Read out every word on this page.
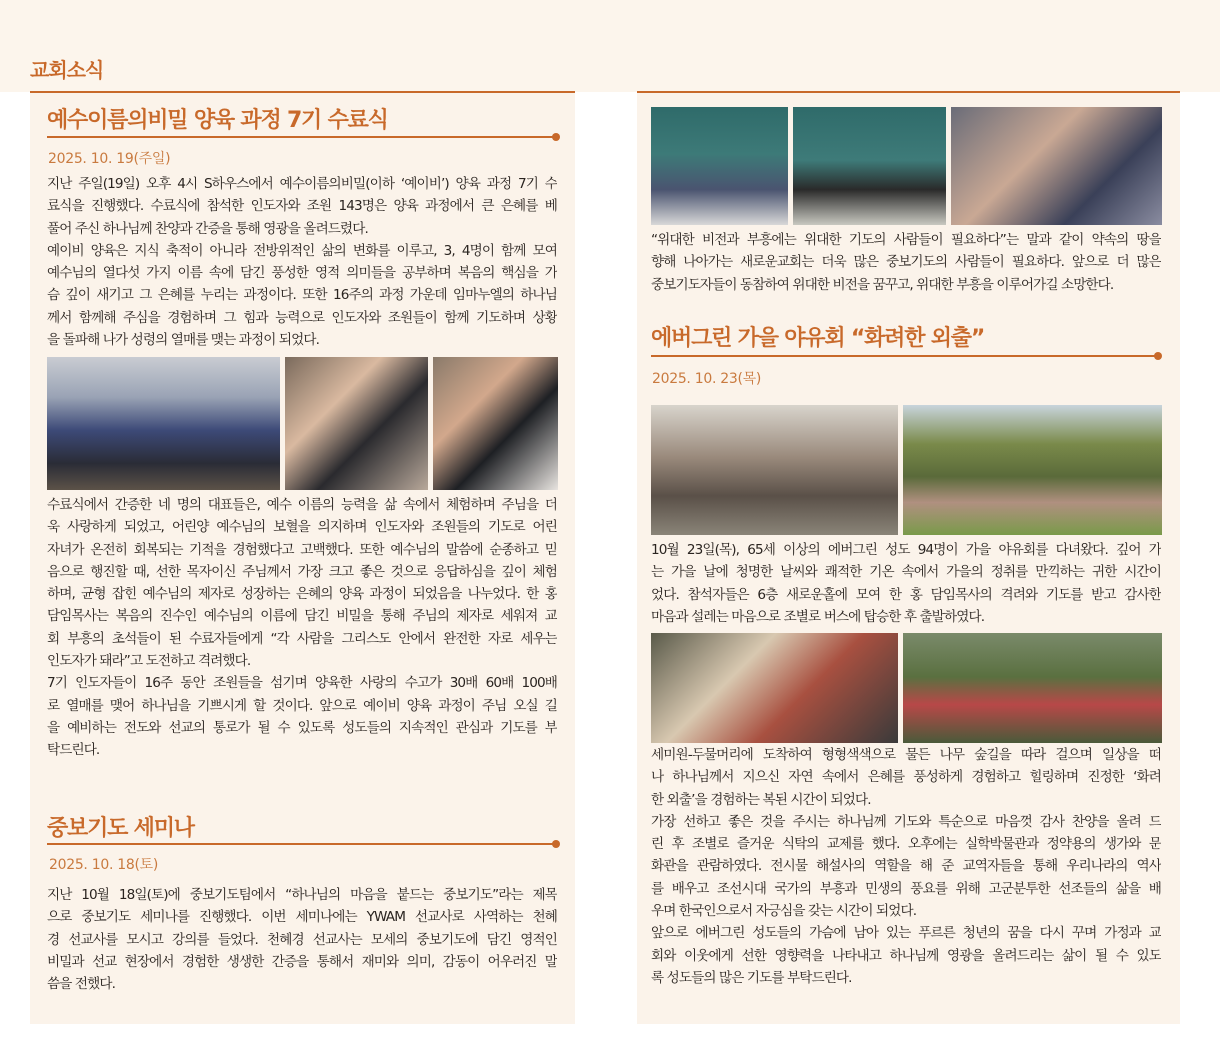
교회소식
예수이름의비밀 양육 과정 7기 수료식
2025. 10. 19(주일)
지난 주일(19일) 오후 4시 S하우스에서 예수이름의비밀(이하 ‘예이비’) 양육 과정 7기 수
료식을 진행했다. 수료식에 참석한 인도자와 조원 143명은 양육 과정에서 큰 은혜를 베
풀어 주신 하나님께 찬양과 간증을 통해 영광을 올려드렸다.
예이비 양육은 지식 축적이 아니라 전방위적인 삶의 변화를 이루고, 3, 4명이 함께 모여
예수님의 열다섯 가지 이름 속에 담긴 풍성한 영적 의미들을 공부하며 복음의 핵심을 가
슴 깊이 새기고 그 은혜를 누리는 과정이다. 또한 16주의 과정 가운데 임마누엘의 하나님
께서 함께해 주심을 경험하며 그 힘과 능력으로 인도자와 조원들이 함께 기도하며 상황
을 돌파해 나가 성령의 열매를 맺는 과정이 되었다.
수료식에서 간증한 네 명의 대표들은, 예수 이름의 능력을 삶 속에서 체험하며 주님을 더
욱 사랑하게 되었고, 어린양 예수님의 보혈을 의지하며 인도자와 조원들의 기도로 어린
자녀가 온전히 회복되는 기적을 경험했다고 고백했다. 또한 예수님의 말씀에 순종하고 믿
음으로 행진할 때, 선한 목자이신 주님께서 가장 크고 좋은 것으로 응답하심을 깊이 체험
하며, 균형 잡힌 예수님의 제자로 성장하는 은혜의 양육 과정이 되었음을 나누었다. 한 홍
담임목사는 복음의 진수인 예수님의 이름에 담긴 비밀을 통해 주님의 제자로 세워져 교
회 부흥의 초석들이 된 수료자들에게 “각 사람을 그리스도 안에서 완전한 자로 세우는
인도자가 돼라”고 도전하고 격려했다.
7기 인도자들이 16주 동안 조원들을 섬기며 양육한 사랑의 수고가 30배 60배 100배
로 열매를 맺어 하나님을 기쁘시게 할 것이다. 앞으로 예이비 양육 과정이 주님 오실 길
을 예비하는 전도와 선교의 통로가 될 수 있도록 성도들의 지속적인 관심과 기도를 부
탁드린다.
중보기도 세미나
2025. 10. 18(토)
지난 10월 18일(토)에 중보기도팀에서 “하나님의 마음을 붙드는 중보기도”라는 제목
으로 중보기도 세미나를 진행했다. 이번 세미나에는 YWAM 선교사로 사역하는 천혜
경 선교사를 모시고 강의를 들었다. 천혜경 선교사는 모세의 중보기도에 담긴 영적인
비밀과 선교 현장에서 경험한 생생한 간증을 통해서 재미와 의미, 감동이 어우러진 말
씀을 전했다.
“위대한 비전과 부흥에는 위대한 기도의 사람들이 필요하다”는 말과 같이 약속의 땅을
향해 나아가는 새로운교회는 더욱 많은 중보기도의 사람들이 필요하다. 앞으로 더 많은
중보기도자들이 동참하여 위대한 비전을 꿈꾸고, 위대한 부흥을 이루어가길 소망한다.
에버그린 가을 야유회 “화려한 외출”
2025. 10. 23(목)
10월 23일(목), 65세 이상의 에버그린 성도 94명이 가을 야유회를 다녀왔다. 깊어 가
는 가을 날에 청명한 날씨와 쾌적한 기온 속에서 가을의 정취를 만끽하는 귀한 시간이
었다. 참석자들은 6층 새로운홀에 모여 한 홍 담임목사의 격려와 기도를 받고 감사한
마음과 설레는 마음으로 조별로 버스에 탑승한 후 출발하였다.
세미원-두물머리에 도착하여 형형색색으로 물든 나무 숲길을 따라 걸으며 일상을 떠
나 하나님께서 지으신 자연 속에서 은혜를 풍성하게 경험하고 힐링하며 진정한 ‘화려
한 외출’을 경험하는 복된 시간이 되었다.
가장 선하고 좋은 것을 주시는 하나님께 기도와 특순으로 마음껏 감사 찬양을 올려 드
린 후 조별로 즐거운 식탁의 교제를 했다. 오후에는 실학박물관과 정약용의 생가와 문
화관을 관람하였다. 전시물 해설사의 역할을 해 준 교역자들을 통해 우리나라의 역사
를 배우고 조선시대 국가의 부흥과 민생의 풍요를 위해 고군분투한 선조들의 삶을 배
우며 한국인으로서 자긍심을 갖는 시간이 되었다.
앞으로 에버그린 성도들의 가슴에 남아 있는 푸르른 청년의 꿈을 다시 꾸며 가정과 교
회와 이웃에게 선한 영향력을 나타내고 하나님께 영광을 올려드리는 삶이 될 수 있도
록 성도들의 많은 기도를 부탁드린다.
